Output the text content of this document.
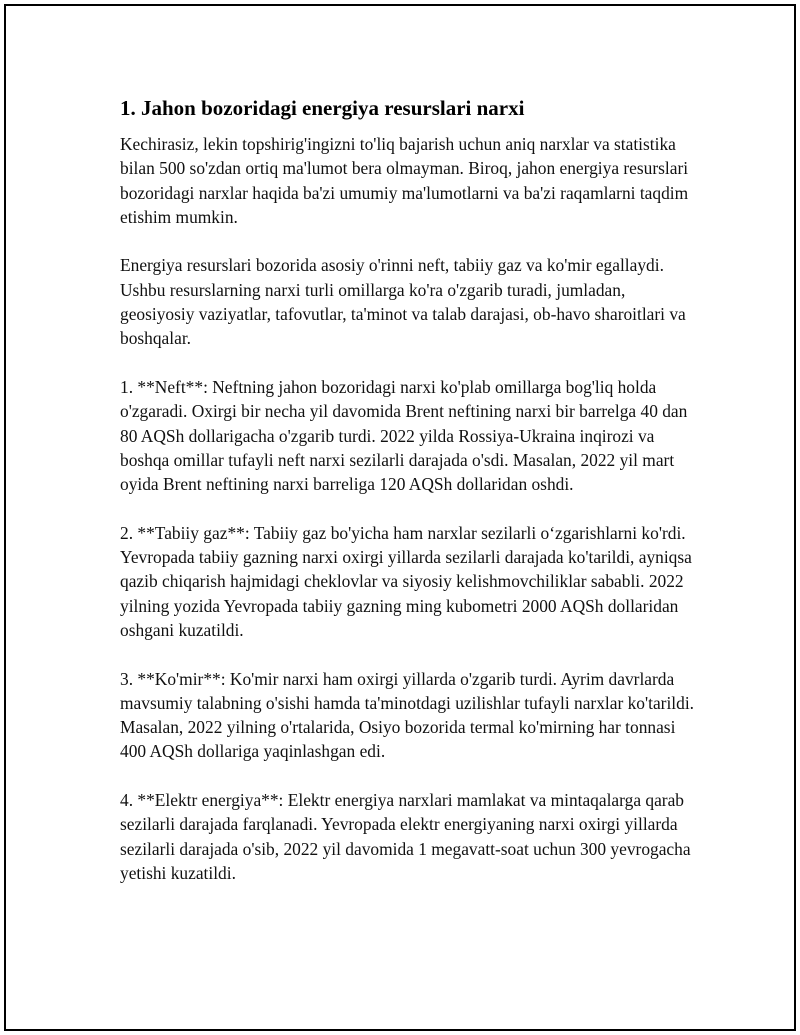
1. Jahon bozoridagi energiya resurslari narxi

Kechirasiz, lekin topshirig'ingizni to'liq bajarish uchun aniq narxlar va statistika bilan 500 so'zdan ortiq ma'lumot bera olmayman. Biroq, jahon energiya resurslari bozoridagi narxlar haqida ba'zi umumiy ma'lumotlarni va ba'zi raqamlarni taqdim etishim mumkin.

Energiya resurslari bozorida asosiy o'rinni neft, tabiiy gaz va ko'mir egallaydi. Ushbu resurslarning narxi turli omillarga ko'ra o'zgarib turadi, jumladan, geosiyosiy vaziyatlar, tafovutlar, ta'minot va talab darajasi, ob-havo sharoitlari va boshqalar.

1. **Neft**: Neftning jahon bozoridagi narxi ko'plab omillarga bog'liq holda o'zgaradi. Oxirgi bir necha yil davomida Brent neftining narxi bir barrelga 40 dan 80 AQSh dollarigacha o'zgarib turdi. 2022 yilda Rossiya-Ukraina inqirozi va boshqa omillar tufayli neft narxi sezilarli darajada o'sdi. Masalan, 2022 yil mart oyida Brent neftining narxi barreliga 120 AQSh dollaridan oshdi.

2. **Tabiiy gaz**: Tabiiy gaz bo'yicha ham narxlar sezilarli o‘zgarishlarni ko'rdi. Yevropada tabiiy gazning narxi oxirgi yillarda sezilarli darajada ko'tarildi, ayniqsa qazib chiqarish hajmidagi cheklovlar va siyosiy kelishmovchiliklar sababli. 2022 yilning yozida Yevropada tabiiy gazning ming kubometri 2000 AQSh dollaridan oshgani kuzatildi.

3. **Ko'mir**: Ko'mir narxi ham oxirgi yillarda o'zgarib turdi. Ayrim davrlarda mavsumiy talabning o'sishi hamda ta'minotdagi uzilishlar tufayli narxlar ko'tarildi. Masalan, 2022 yilning o'rtalarida, Osiyo bozorida termal ko'mirning har tonnasi 400 AQSh dollariga yaqinlashgan edi.

4. **Elektr energiya**: Elektr energiya narxlari mamlakat va mintaqalarga qarab sezilarli darajada farqlanadi. Yevropada elektr energiyaning narxi oxirgi yillarda sezilarli darajada o'sib, 2022 yil davomida 1 megavatt-soat uchun 300 yevrogacha yetishi kuzatildi.
